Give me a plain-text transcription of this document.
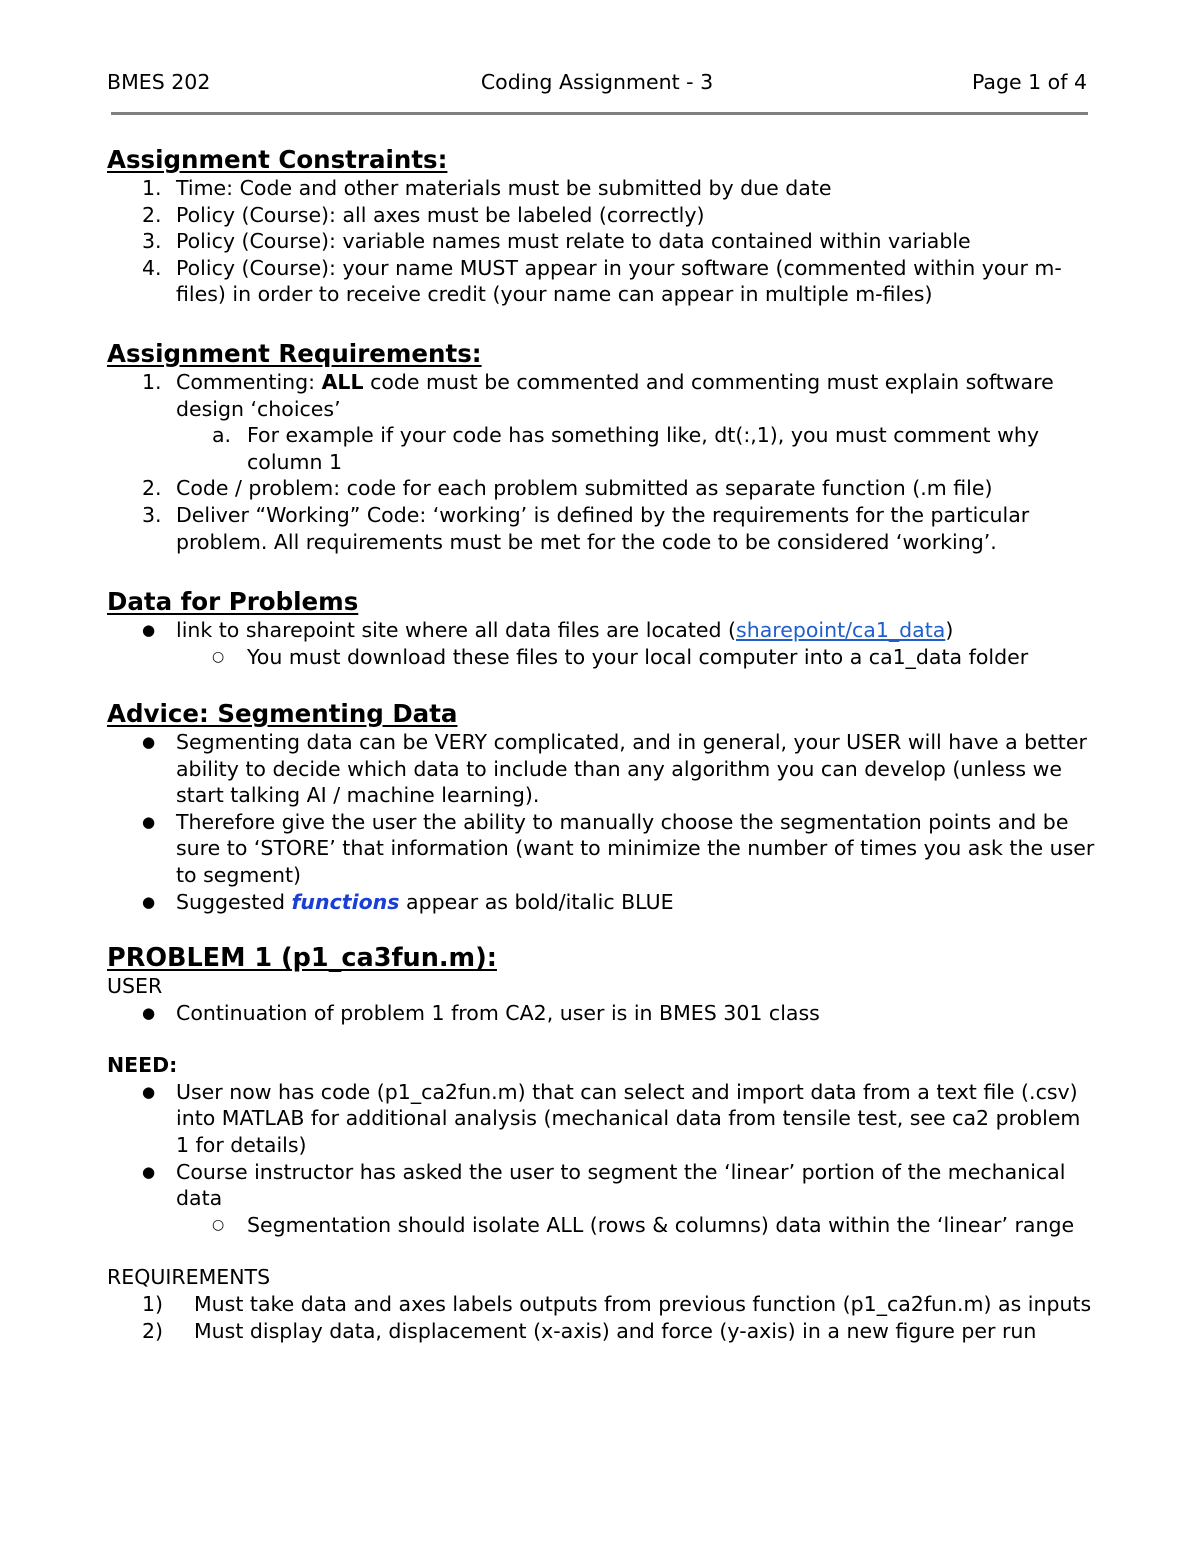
BMES 202	Coding Assignment - 3	Page 1 of 4
Assignment Constraints:
1. Time: Code and other materials must be submitted by due date
2. Policy (Course): all axes must be labeled (correctly)
3. Policy (Course): variable names must relate to data contained within variable
4. Policy (Course): your name MUST appear in your software (commented within your m-files) in order to receive credit (your name can appear in multiple m-files)
Assignment Requirements:
1. Commenting: ALL code must be commented and commenting must explain software design ‘choices’
a. For example if your code has something like, dt(:,1), you must comment why column 1
2. Code / problem: code for each problem submitted as separate function (.m file)
3. Deliver “Working” Code: ‘working’ is defined by the requirements for the particular problem. All requirements must be met for the code to be considered ‘working’.
Data for Problems
● link to sharepoint site where all data files are located (sharepoint/ca1_data)
○ You must download these files to your local computer into a ca1_data folder
Advice: Segmenting Data
● Segmenting data can be VERY complicated, and in general, your USER will have a better ability to decide which data to include than any algorithm you can develop (unless we start talking AI / machine learning).
● Therefore give the user the ability to manually choose the segmentation points and be sure to ‘STORE’ that information (want to minimize the number of times you ask the user to segment)
● Suggested functions appear as bold/italic BLUE
PROBLEM 1 (p1_ca3fun.m):
USER
● Continuation of problem 1 from CA2, user is in BMES 301 class
NEED:
● User now has code (p1_ca2fun.m) that can select and import data from a text file (.csv) into MATLAB for additional analysis (mechanical data from tensile test, see ca2 problem 1 for details)
● Course instructor has asked the user to segment the ‘linear’ portion of the mechanical data
○ Segmentation should isolate ALL (rows & columns) data within the ‘linear’ range
REQUIREMENTS
1) Must take data and axes labels outputs from previous function (p1_ca2fun.m) as inputs
2) Must display data, displacement (x-axis) and force (y-axis) in a new figure per run
